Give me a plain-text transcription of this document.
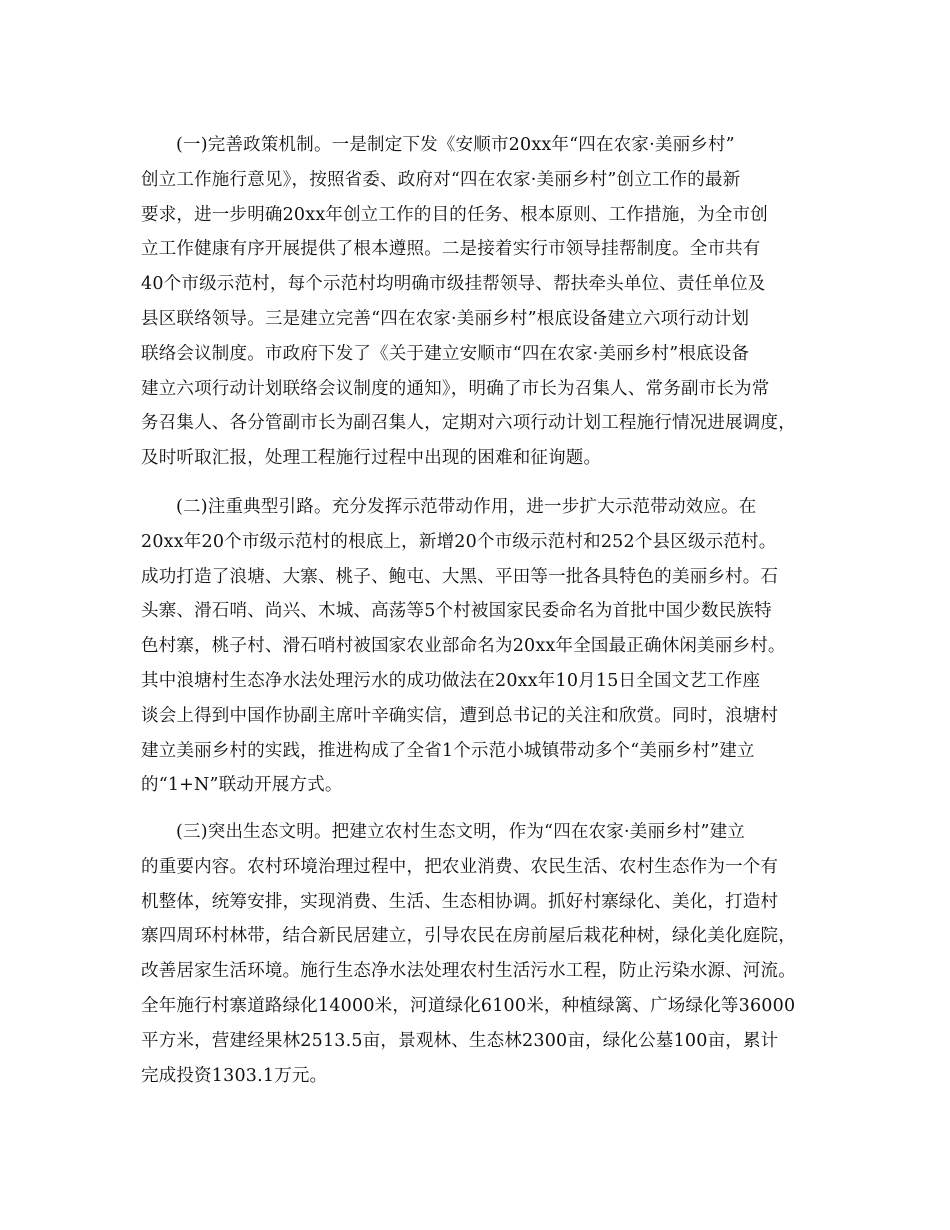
(一)完善政策机制。一是制定下发《安顺市20xx年“四在农家·美丽乡村”
创立工作施行意见》，按照省委、政府对“四在农家·美丽乡村”创立工作的最新
要求，进一步明确20xx年创立工作的目的任务、根本原则、工作措施，为全市创
立工作健康有序开展提供了根本遵照。二是接着实行市领导挂帮制度。全市共有
40个市级示范村，每个示范村均明确市级挂帮领导、帮扶牵头单位、责任单位及
县区联络领导。三是建立完善“四在农家·美丽乡村”根底设备建立六项行动计划
联络会议制度。市政府下发了《关于建立安顺市“四在农家·美丽乡村”根底设备
建立六项行动计划联络会议制度的通知》，明确了市长为召集人、常务副市长为常
务召集人、各分管副市长为副召集人，定期对六项行动计划工程施行情况进展调度，
及时听取汇报，处理工程施行过程中出现的困难和征询题。
(二)注重典型引路。充分发挥示范带动作用，进一步扩大示范带动效应。在
20xx年20个市级示范村的根底上，新增20个市级示范村和252个县区级示范村。
成功打造了浪塘、大寨、桃子、鲍屯、大黑、平田等一批各具特色的美丽乡村。石
头寨、滑石哨、尚兴、木城、高荡等5个村被国家民委命名为首批中国少数民族特
色村寨，桃子村、滑石哨村被国家农业部命名为20xx年全国最正确休闲美丽乡村。
其中浪塘村生态净水法处理污水的成功做法在20xx年10月15日全国文艺工作座
谈会上得到中国作协副主席叶辛确实信，遭到总书记的关注和欣赏。同时，浪塘村
建立美丽乡村的实践，推进构成了全省1个示范小城镇带动多个“美丽乡村”建立
的“1+N”联动开展方式。
(三)突出生态文明。把建立农村生态文明，作为“四在农家·美丽乡村”建立
的重要内容。农村环境治理过程中，把农业消费、农民生活、农村生态作为一个有
机整体，统筹安排，实现消费、生活、生态相协调。抓好村寨绿化、美化，打造村
寨四周环村林带，结合新民居建立，引导农民在房前屋后栽花种树，绿化美化庭院，
改善居家生活环境。施行生态净水法处理农村生活污水工程，防止污染水源、河流。
全年施行村寨道路绿化14000米，河道绿化6100米，种植绿篱、广场绿化等36000
平方米，营建经果林2513.5亩，景观林、生态林2300亩，绿化公墓100亩，累计
完成投资1303.1万元。
